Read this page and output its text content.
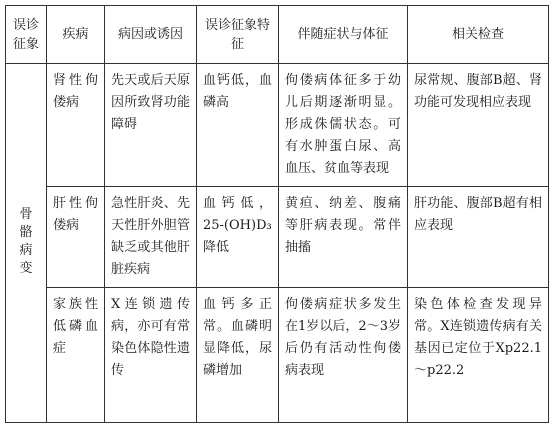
误诊征象	疾病	病因或诱因	误诊征象特征	伴随症状与体征	相关检查
骨骼病变	肾性佝偻病	先天或后天原因所致肾功能障碍	血钙低，血磷高	佝偻病体征多于幼儿后期逐渐明显。形成侏儒状态。可有水肿蛋白尿、高血压、贫血等表现	尿常规、腹部B超、肾功能可发现相应表现
	肝性佝偻病	急性肝炎、先天性肝外胆管缺乏或其他肝脏疾病	血钙低，25-(OH)D₃降低	黄疸、纳差、腹痛等肝病表现。常伴抽搐	肝功能、腹部B超有相应表现
	家族性低磷血症	X连锁遗传病，亦可有常染色体隐性遗传	血钙多正常。血磷明显降低，尿磷增加	佝偻病症状多发生在1岁以后，2～3岁后仍有活动性佝偻病表现	染色体检查发现异常。X连锁遗传病有关基因已定位于Xp22.1～p22.2
